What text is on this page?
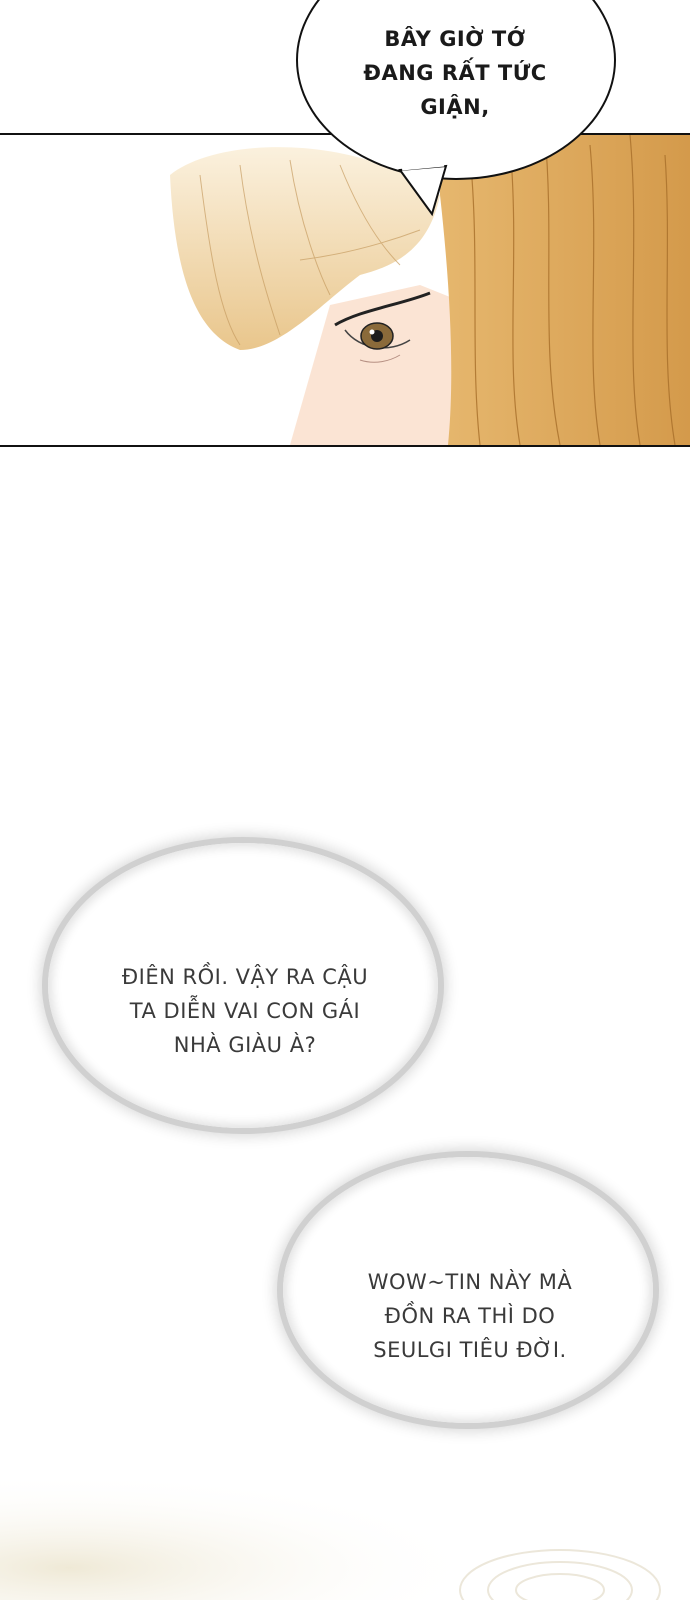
BÂY GIỜ TỚ
ĐANG RẤT TỨC
GIẬN,
ĐIÊN RỒI. VẬY RA CẬU
TA DIỄN VAI CON GÁI
NHÀ GIÀU À?
WOW~TIN NÀY MÀ
ĐỒN RA THÌ DO
SEULGI TIÊU ĐỜI.
